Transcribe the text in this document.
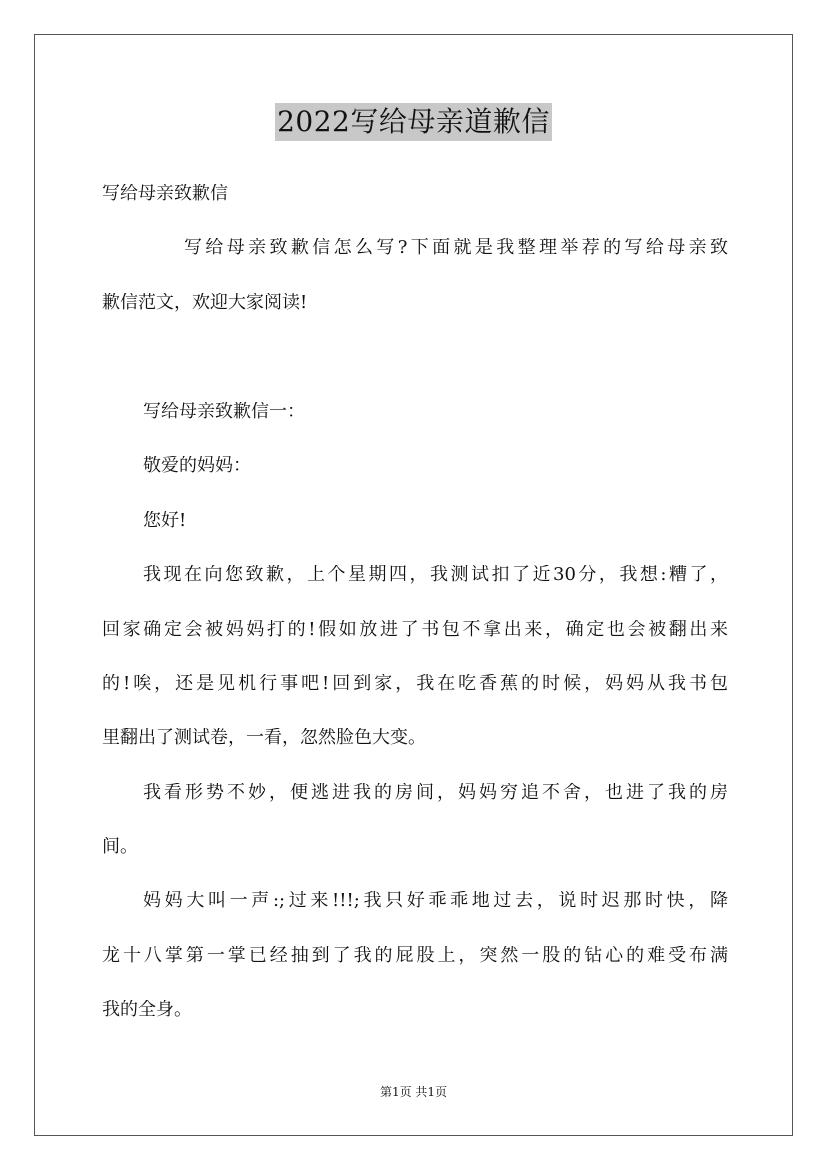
2022写给母亲道歉信
写给母亲致歉信
写给母亲致歉信怎么写?下面就是我整理举荐的写给母亲致
歉信范文，欢迎大家阅读!
写给母亲致歉信一：
敬爱的妈妈：
您好!
我现在向您致歉，上个星期四，我测试扣了近30分，我想:糟了，
回家确定会被妈妈打的!假如放进了书包不拿出来，确定也会被翻出来
的!唉，还是见机行事吧!回到家，我在吃香蕉的时候，妈妈从我书包
里翻出了测试卷，一看，忽然脸色大变。
我看形势不妙，便逃进我的房间，妈妈穷追不舍，也进了我的房
间。
妈妈大叫一声:;过来!!!;我只好乖乖地过去，说时迟那时快，降
龙十八掌第一掌已经抽到了我的屁股上，突然一股的钻心的难受布满
我的全身。
第1页 共1页
